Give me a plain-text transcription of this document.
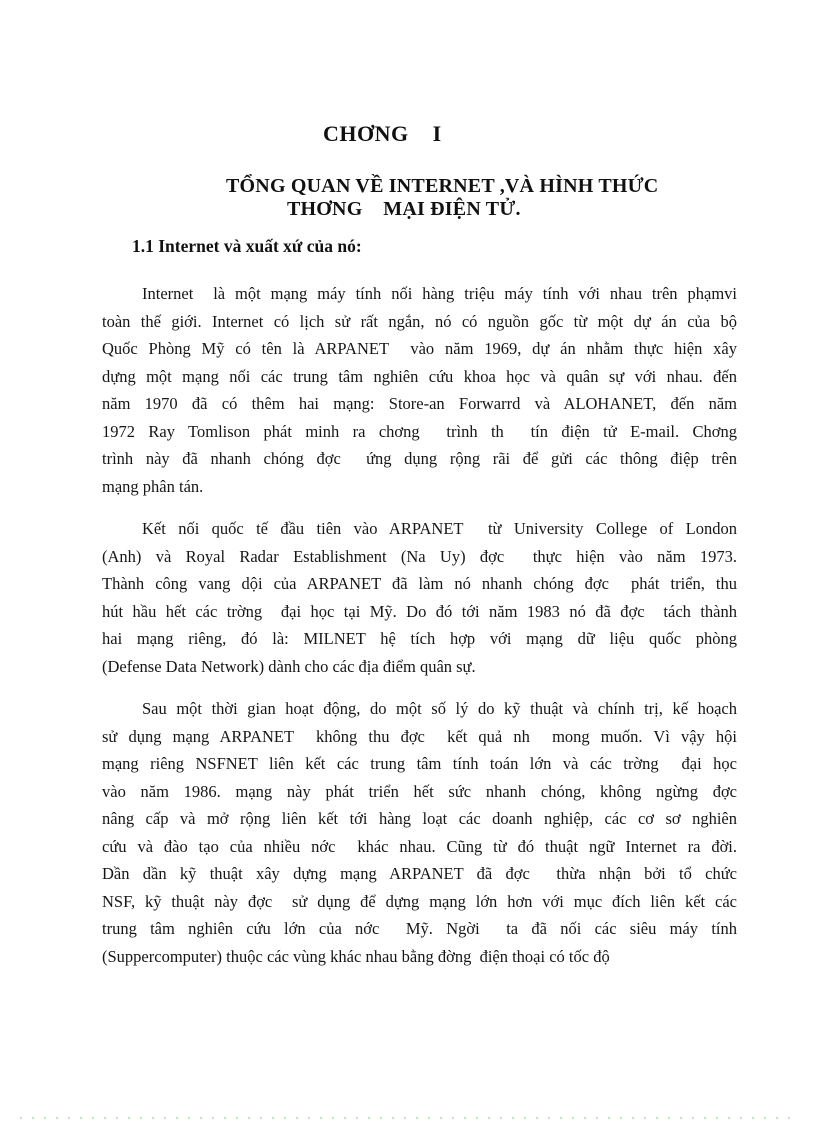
CHƠNG    I
TỔNG QUAN VỀ INTERNET ,VÀ HÌNH THỨC
THƠNG    MẠI ĐIỆN TỬ.
1.1 Internet và xuất xứ của nó:
Internet  là một mạng máy tính nối hàng triệu máy tính với nhau trên phạmvi
toàn thế giới. Internet có lịch sử rất ngắn, nó có nguồn gốc từ một dự án của bộ
Quốc Phòng Mỹ có tên là ARPANET  vào năm 1969, dự án nhằm thực hiện xây
dựng một mạng nối các trung tâm nghiên cứu khoa học và quân sự với nhau. đến
năm 1970 đã có thêm hai mạng: Store-an Forwarrd và ALOHANET, đến năm
1972 Ray Tomlison phát minh ra chơng  trình th  tín điện tử E-mail. Chơng
trình này đã nhanh chóng đợc  ứng dụng rộng rãi để gửi các thông điệp trên
mạng phân tán.
Kết nối quốc tế đầu tiên vào ARPANET  từ University College of London
(Anh) và Royal Radar Establishment (Na Uy) đợc  thực hiện vào năm 1973.
Thành công vang dội của ARPANET đã làm nó nhanh chóng đợc  phát triển, thu
hút hầu hết các trờng  đại học tại Mỹ. Do đó tới năm 1983 nó đã đợc  tách thành
hai mạng riêng, đó là: MILNET hệ tích hợp với mạng dữ liệu quốc phòng
(Defense Data Network) dành cho các địa điểm quân sự.
Sau một thời gian hoạt động, do một số lý do kỹ thuật và chính trị, kế hoạch
sử dụng mạng ARPANET  không thu đợc  kết quả nh  mong muốn. Vì vậy hội
mạng riêng NSFNET liên kết các trung tâm tính toán lớn và các trờng  đại học
vào năm 1986. mạng này phát triển hết sức nhanh chóng, không ngừng đợc
nâng cấp và mở rộng liên kết tới hàng loạt các doanh nghiệp, các cơ sơ nghiên
cứu và đào tạo của nhiều nớc  khác nhau. Cũng từ đó thuật ngữ Internet ra đời.
Dần dần kỹ thuật xây dựng mạng ARPANET đã đợc  thừa nhận bởi tổ chức
NSF, kỹ thuật này đợc  sử dụng để dựng mạng lớn hơn với mục đích liên kết các
trung tâm nghiên cứu lớn của nớc  Mỹ. Ngời  ta đã nối các siêu máy tính
(Suppercomputer) thuộc các vùng khác nhau bằng đờng  điện thoại có tốc độ
